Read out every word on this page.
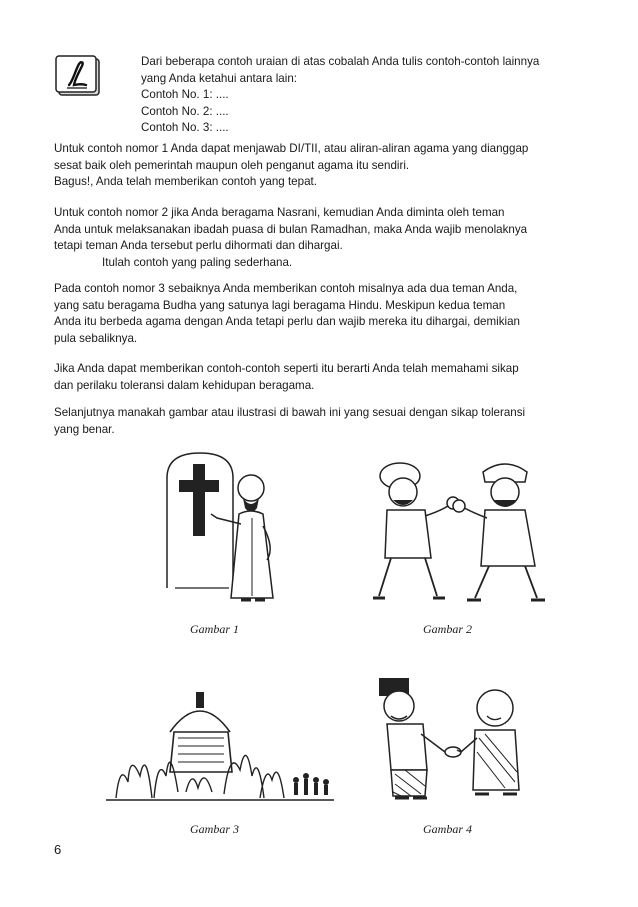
Dari beberapa contoh uraian di atas cobalah Anda tulis contoh-contoh lainnya
yang Anda ketahui antara lain:
Contoh No. 1: ....
Contoh No. 2: ....
Contoh No. 3: ....
Untuk contoh nomor 1 Anda dapat menjawab DI/TII, atau aliran-aliran agama yang dianggap
sesat baik oleh pemerintah maupun oleh penganut agama itu sendiri.
Bagus!, Anda telah memberikan contoh yang tepat.
Untuk contoh nomor 2 jika Anda beragama Nasrani, kemudian Anda diminta oleh teman
Anda untuk melaksanakan ibadah puasa di bulan Ramadhan, maka Anda wajib menolaknya
tetapi teman Anda tersebut perlu dihormati dan dihargai.
Itulah contoh yang paling sederhana.
Pada contoh nomor 3 sebaiknya Anda memberikan contoh misalnya ada dua teman Anda,
yang satu beragama Budha yang satunya lagi beragama Hindu. Meskipun kedua teman
Anda itu berbeda agama dengan Anda tetapi perlu dan wajib mereka itu dihargai, demikian
pula sebaliknya.
Jika Anda dapat memberikan contoh-contoh seperti itu berarti Anda telah memahami sikap
dan perilaku toleransi dalam kehidupan beragama.
Selanjutnya manakah gambar atau ilustrasi di bawah ini yang sesuai dengan sikap toleransi
yang benar.
Gambar 1	Gambar 2
Gambar 3	Gambar 4
6
